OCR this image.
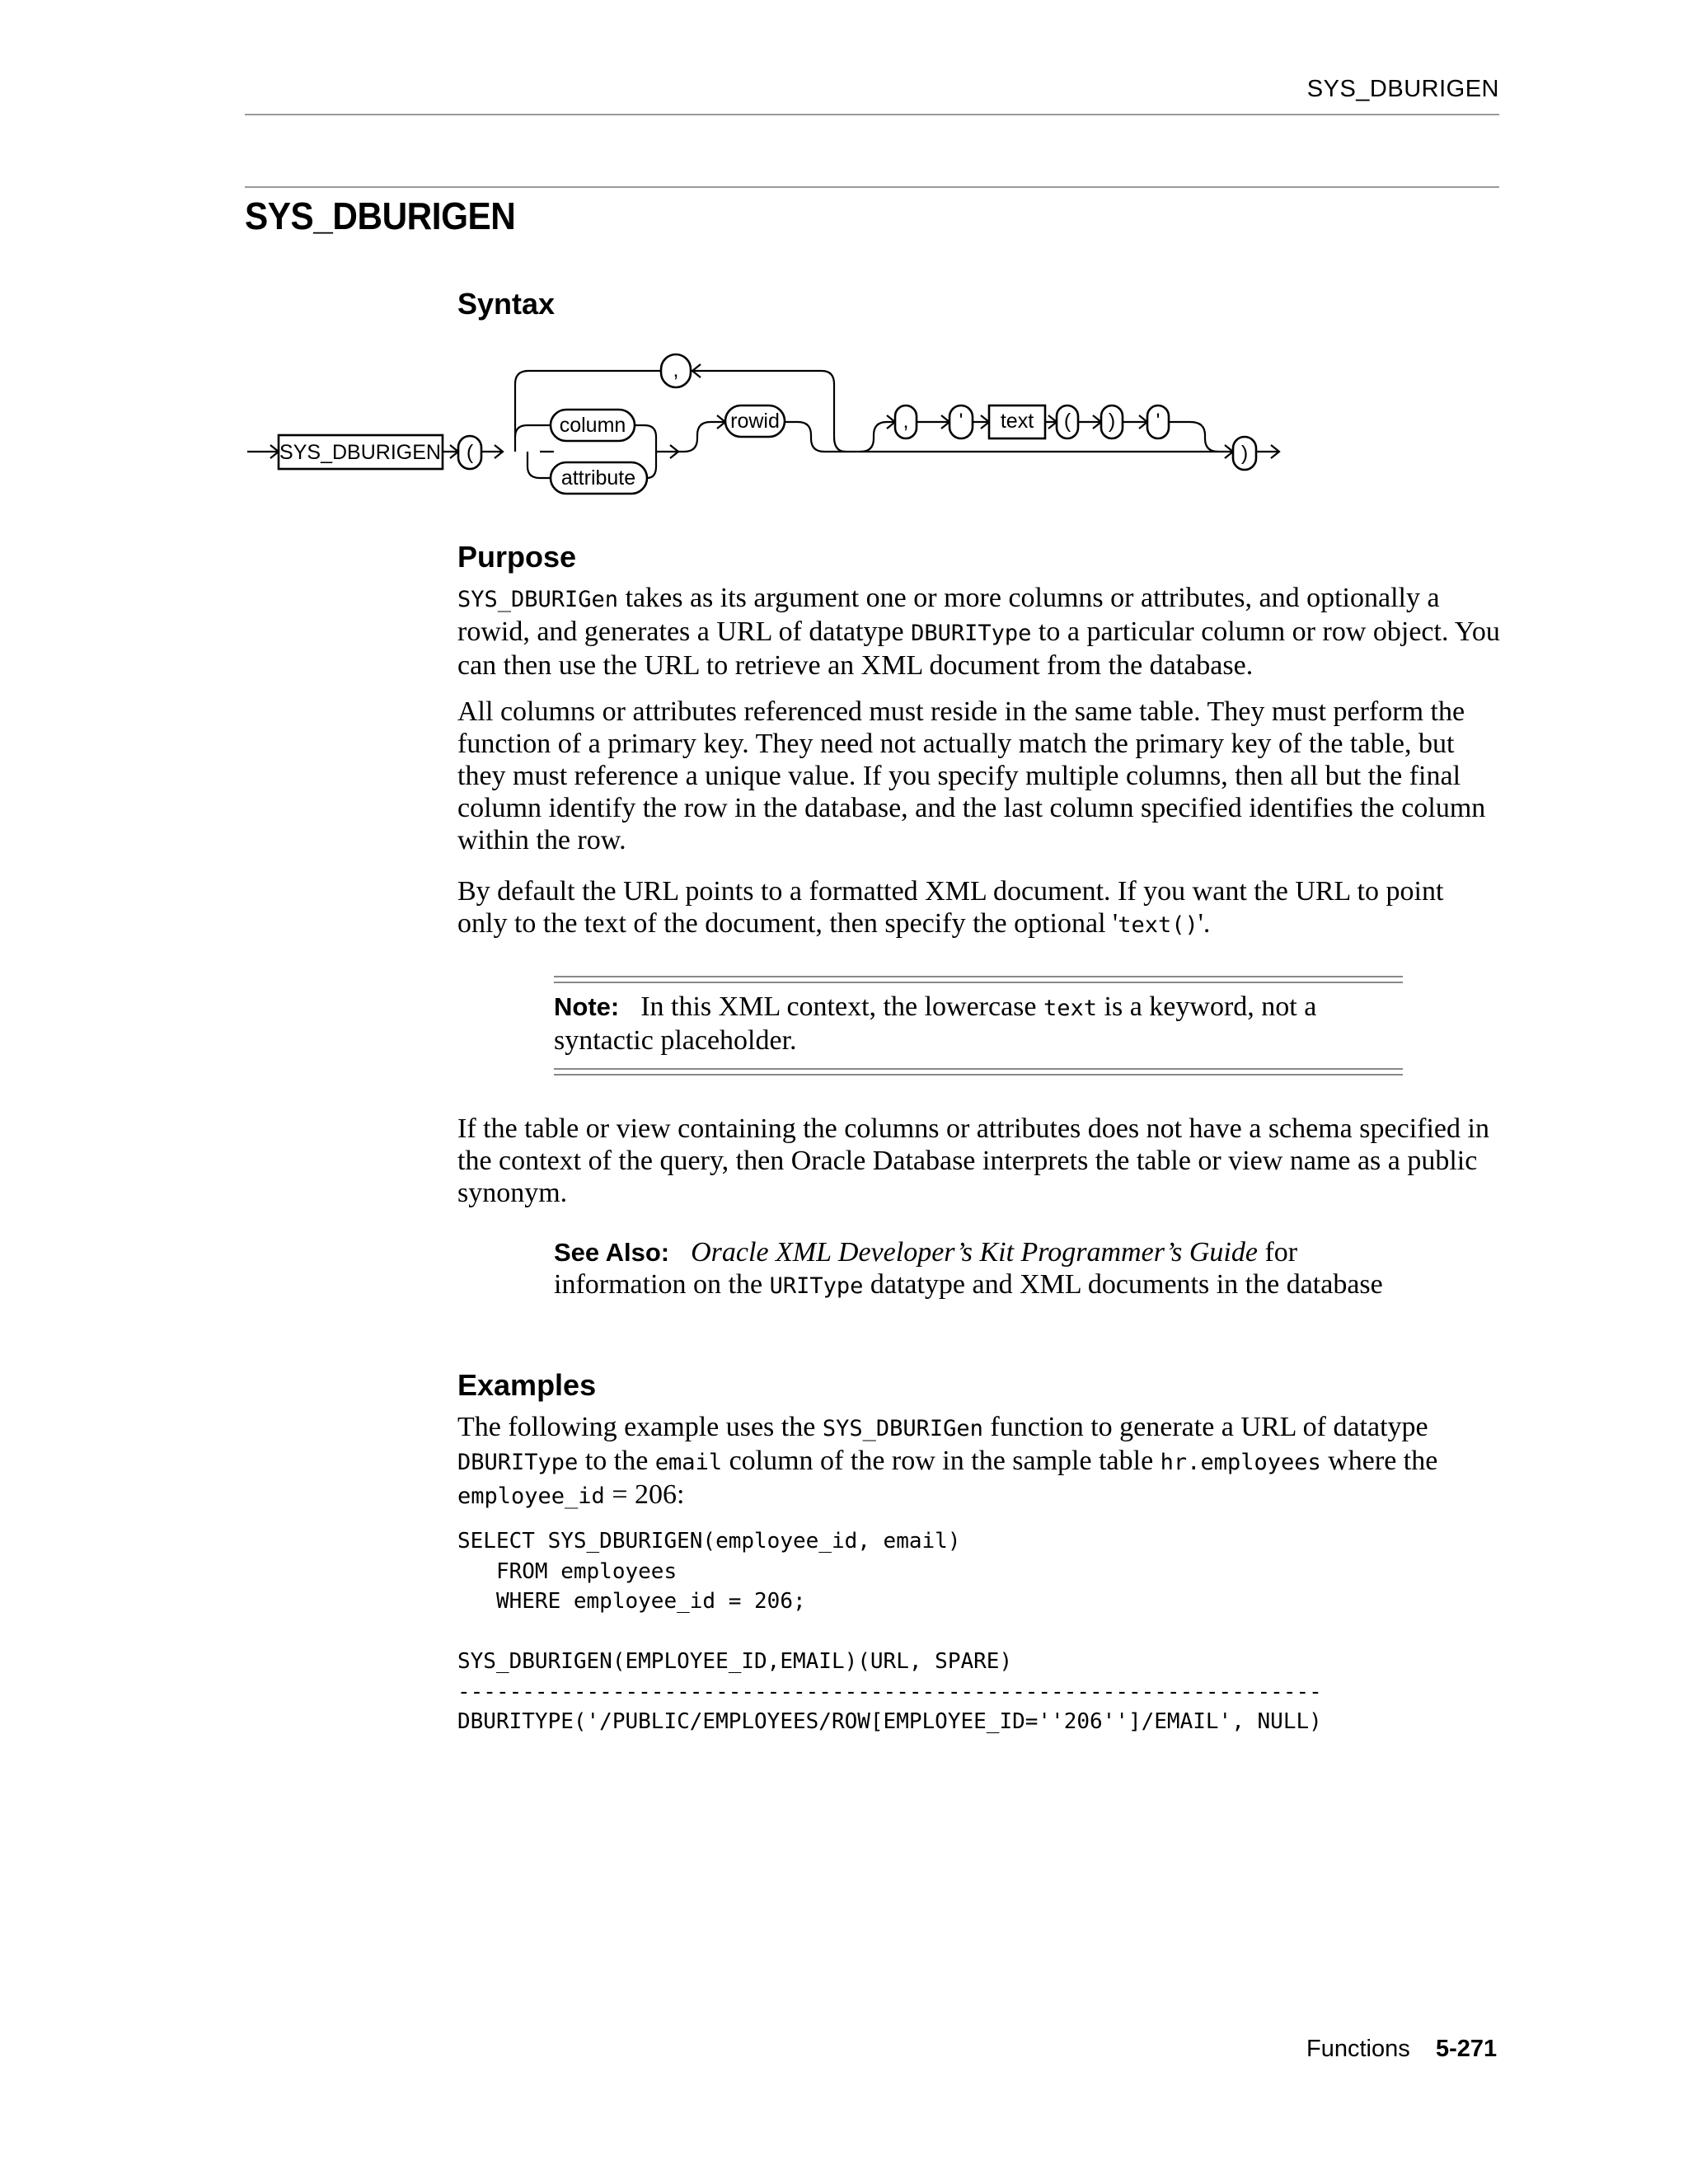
SYS_DBURIGEN
SYS_DBURIGEN
Syntax
SYS_DBURIGEN (
column
attribute
,
rowid	, ' text ( ) '
)
Purpose

SYS_DBURIGen takes as its argument one or more columns or attributes, and optionally a rowid, and generates a URL of datatype DBURIType to a particular column or row object. You can then use the URL to retrieve an XML document from the database.

All columns or attributes referenced must reside in the same table. They must perform the function of a primary key. They need not actually match the primary key of the table, but they must reference a unique value. If you specify multiple columns, then all but the final column identify the row in the database, and the last column specified identifies the column within the row.

By default the URL points to a formatted XML document. If you want the URL to point only to the text of the document, then specify the optional 'text()'.

Note: In this XML context, the lowercase text is a keyword, not a syntactic placeholder.

If the table or view containing the columns or attributes does not have a schema specified in the context of the query, then Oracle Database interprets the table or view name as a public synonym.

See Also: Oracle XML Developer’s Kit Programmer’s Guide for information on the URIType datatype and XML documents in the database

Examples

The following example uses the SYS_DBURIGen function to generate a URL of datatype DBURIType to the email column of the row in the sample table hr.employees where the employee_id = 206:

SELECT SYS_DBURIGEN(employee_id, email)
FROM employees
WHERE employee_id = 206;

SYS_DBURIGEN(EMPLOYEE_ID,EMAIL)(URL, SPARE)
-------------------------------------------------------------------
DBURITYPE('/PUBLIC/EMPLOYEES/ROW[EMPLOYEE_ID=''206'']/EMAIL', NULL)
Functions 5-271
